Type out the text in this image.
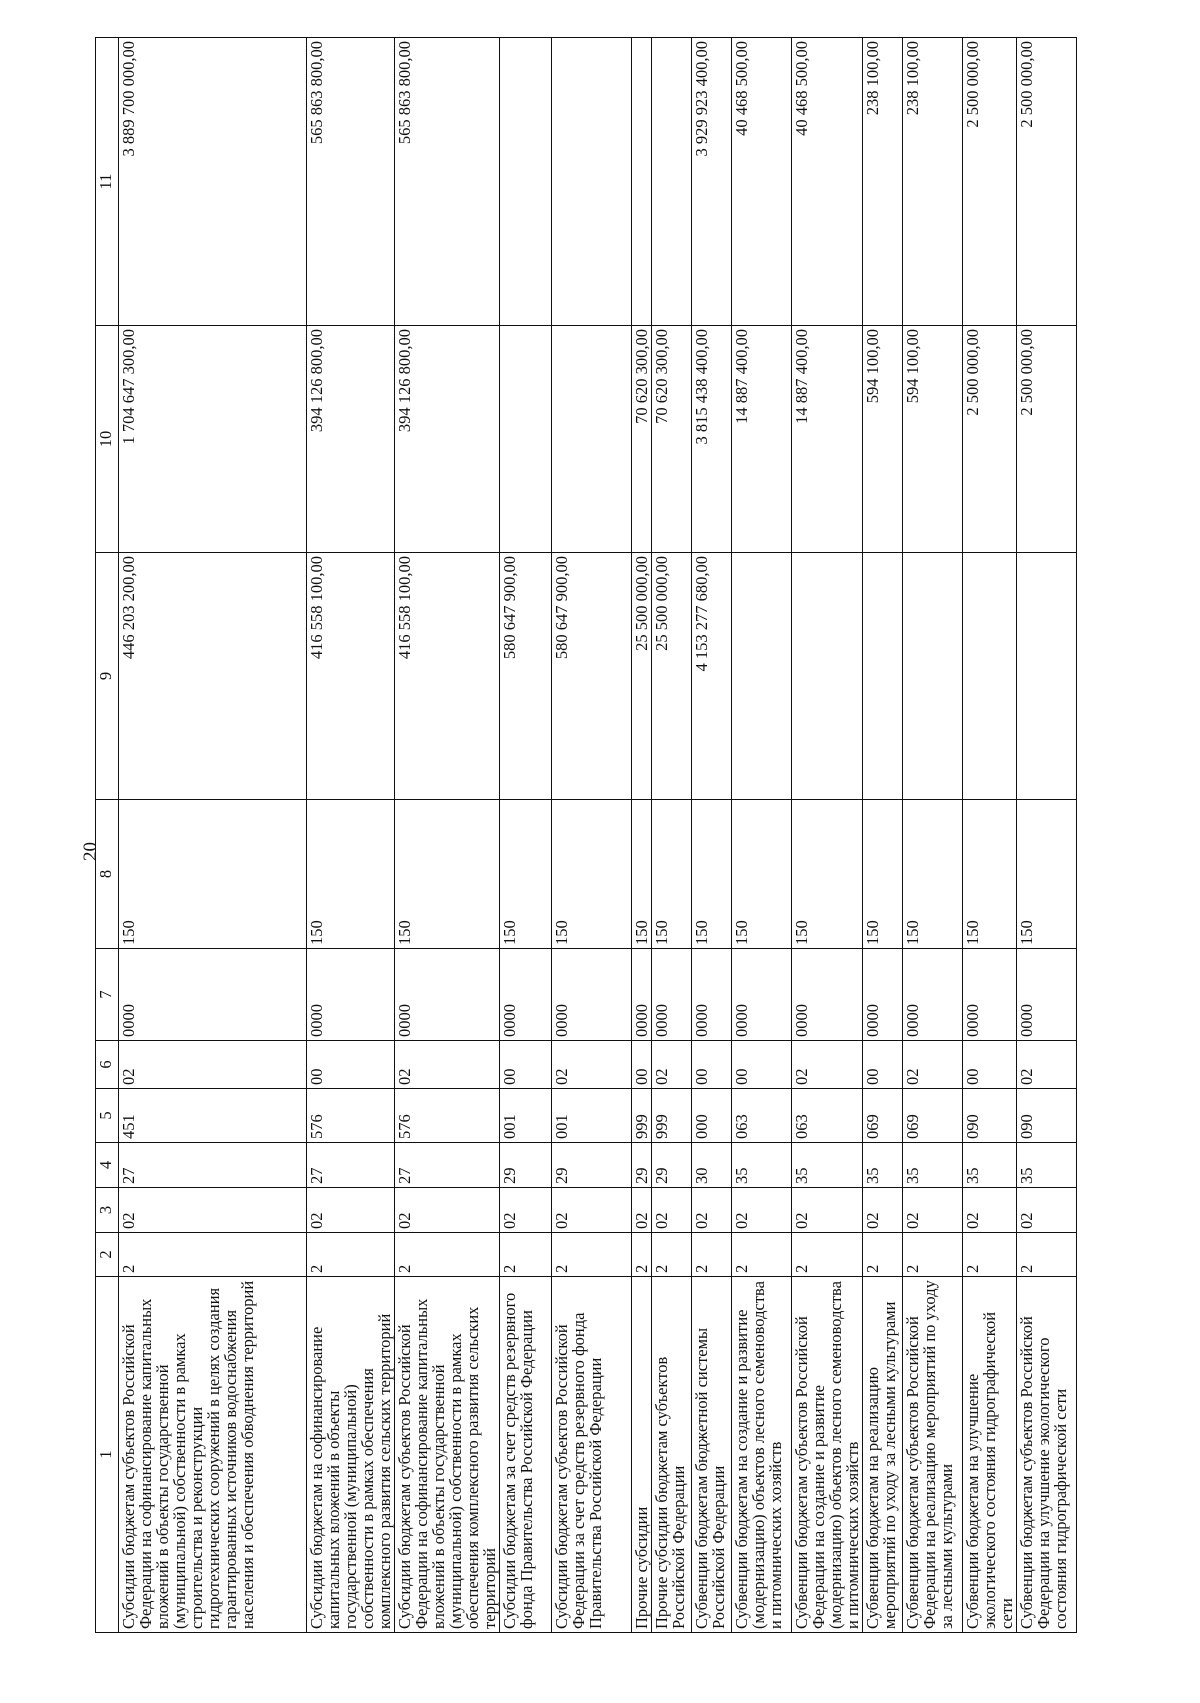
20
1	2	3	4	5	6	7	8	9	10	11
Субсидии бюджетам субъектов Российской Федерации на софинансирование капитальных вложений в объекты государственной (муниципальной) собственности в рамках строительства и реконструкции гидротехнических сооружений в целях создания гарантированных источников водоснабжения населения и обеспечения обводнения территорий	2	02	27	451	02	0000	150	446 203 200,00	1 704 647 300,00	3 889 700 000,00
Субсидии бюджетам на софинансирование капитальных вложений в объекты государственной (муниципальной) собственности в рамках обеспечения комплексного развития сельских территорий	2	02	27	576	00	0000	150	416 558 100,00	394 126 800,00	565 863 800,00
Субсидии бюджетам субъектов Российской Федерации на софинансирование капитальных вложений в объекты государственной (муниципальной) собственности в рамках обеспечения комплексного развития сельских территорий	2	02	27	576	02	0000	150	416 558 100,00	394 126 800,00	565 863 800,00
Субсидии бюджетам за счет средств резервного фонда Правительства Российской Федерации	2	02	29	001	00	0000	150	580 647 900,00		
Субсидии бюджетам субъектов Российской Федерации за счет средств резервного фонда Правительства Российской Федерации	2	02	29	001	02	0000	150	580 647 900,00		
Прочие субсидии	2	02	29	999	00	0000	150	25 500 000,00	70 620 300,00	
Прочие субсидии бюджетам субъектов Российской Федерации	2	02	29	999	02	0000	150	25 500 000,00	70 620 300,00	
Субвенции бюджетам бюджетной системы Российской Федерации	2	02	30	000	00	0000	150	4 153 277 680,00	3 815 438 400,00	3 929 923 400,00
Субвенции бюджетам на создание и развитие (модернизацию) объектов лесного семеноводства и питомнических хозяйств	2	02	35	063	00	0000	150		14 887 400,00	40 468 500,00
Субвенции бюджетам субъектов Российской Федерации на создание и развитие (модернизацию) объектов лесного семеноводства и питомнических хозяйств	2	02	35	063	02	0000	150		14 887 400,00	40 468 500,00
Субвенции бюджетам на реализацию мероприятий по уходу за лесными культурами	2	02	35	069	00	0000	150		594 100,00	238 100,00
Субвенции бюджетам субъектов Российской Федерации на реализацию мероприятий по уходу за лесными культурами	2	02	35	069	02	0000	150		594 100,00	238 100,00
Субвенции бюджетам на улучшение экологического состояния гидрографической сети	2	02	35	090	00	0000	150		2 500 000,00	2 500 000,00
Субвенции бюджетам субъектов Российской Федерации на улучшение экологического состояния гидрографической сети	2	02	35	090	02	0000	150		2 500 000,00	2 500 000,00
